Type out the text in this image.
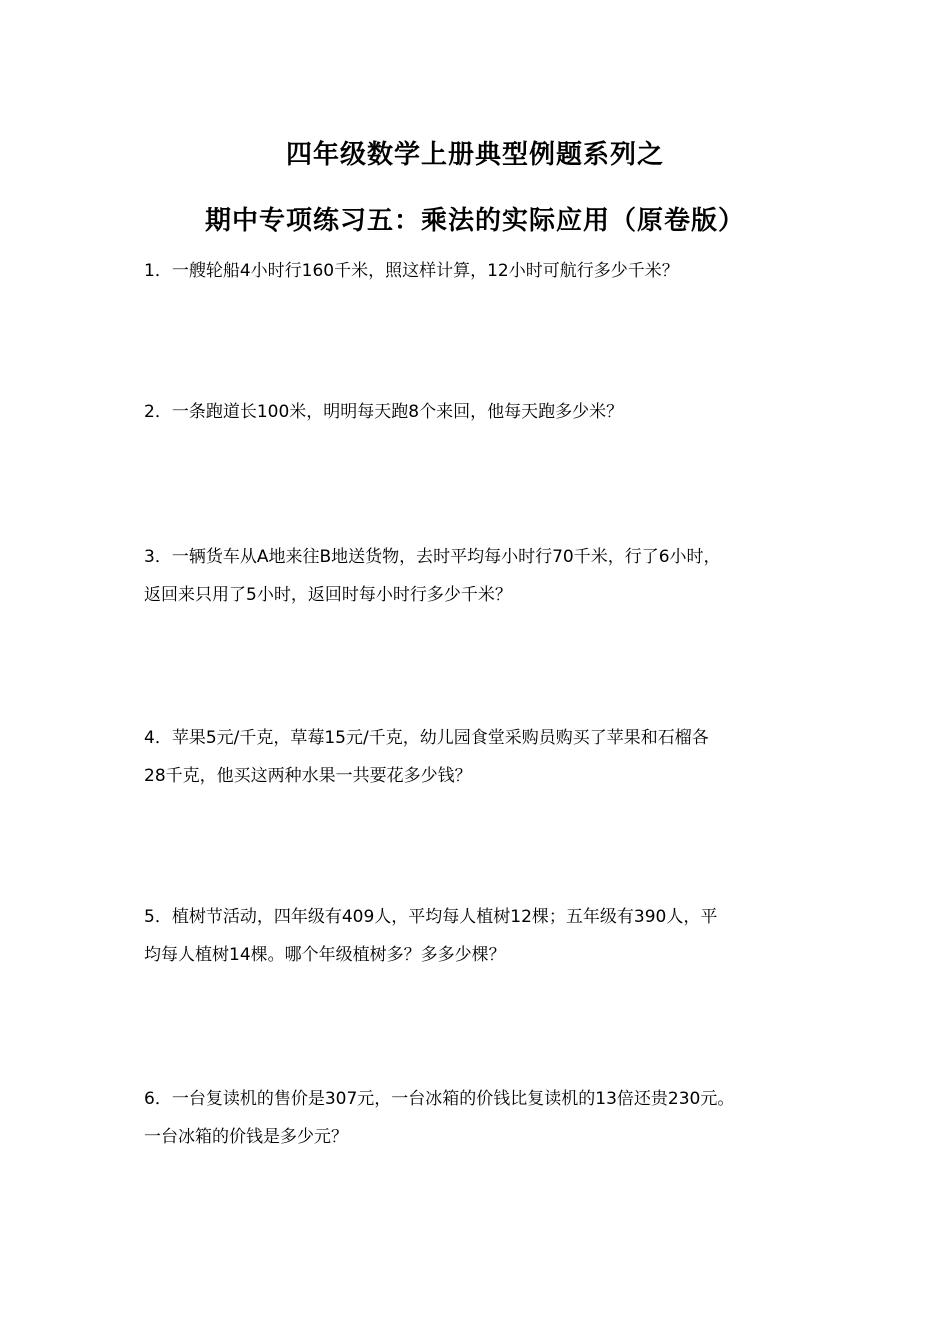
四年级数学上册典型例题系列之
期中专项练习五：乘法的实际应用（原卷版）
1．一艘轮船4小时行160千米，照这样计算，12小时可航行多少千米？
2．一条跑道长100米，明明每天跑8个来回，他每天跑多少米？
3．一辆货车从A地来往B地送货物，去时平均每小时行70千米，行了6小时，
返回来只用了5小时，返回时每小时行多少千米？
4．苹果5元/千克，草莓15元/千克，幼儿园食堂采购员购买了苹果和石榴各
28千克，他买这两种水果一共要花多少钱？
5．植树节活动，四年级有409人，平均每人植树12棵；五年级有390人，平
均每人植树14棵。哪个年级植树多？多多少棵？
6．一台复读机的售价是307元，一台冰箱的价钱比复读机的13倍还贵230元。
一台冰箱的价钱是多少元？
